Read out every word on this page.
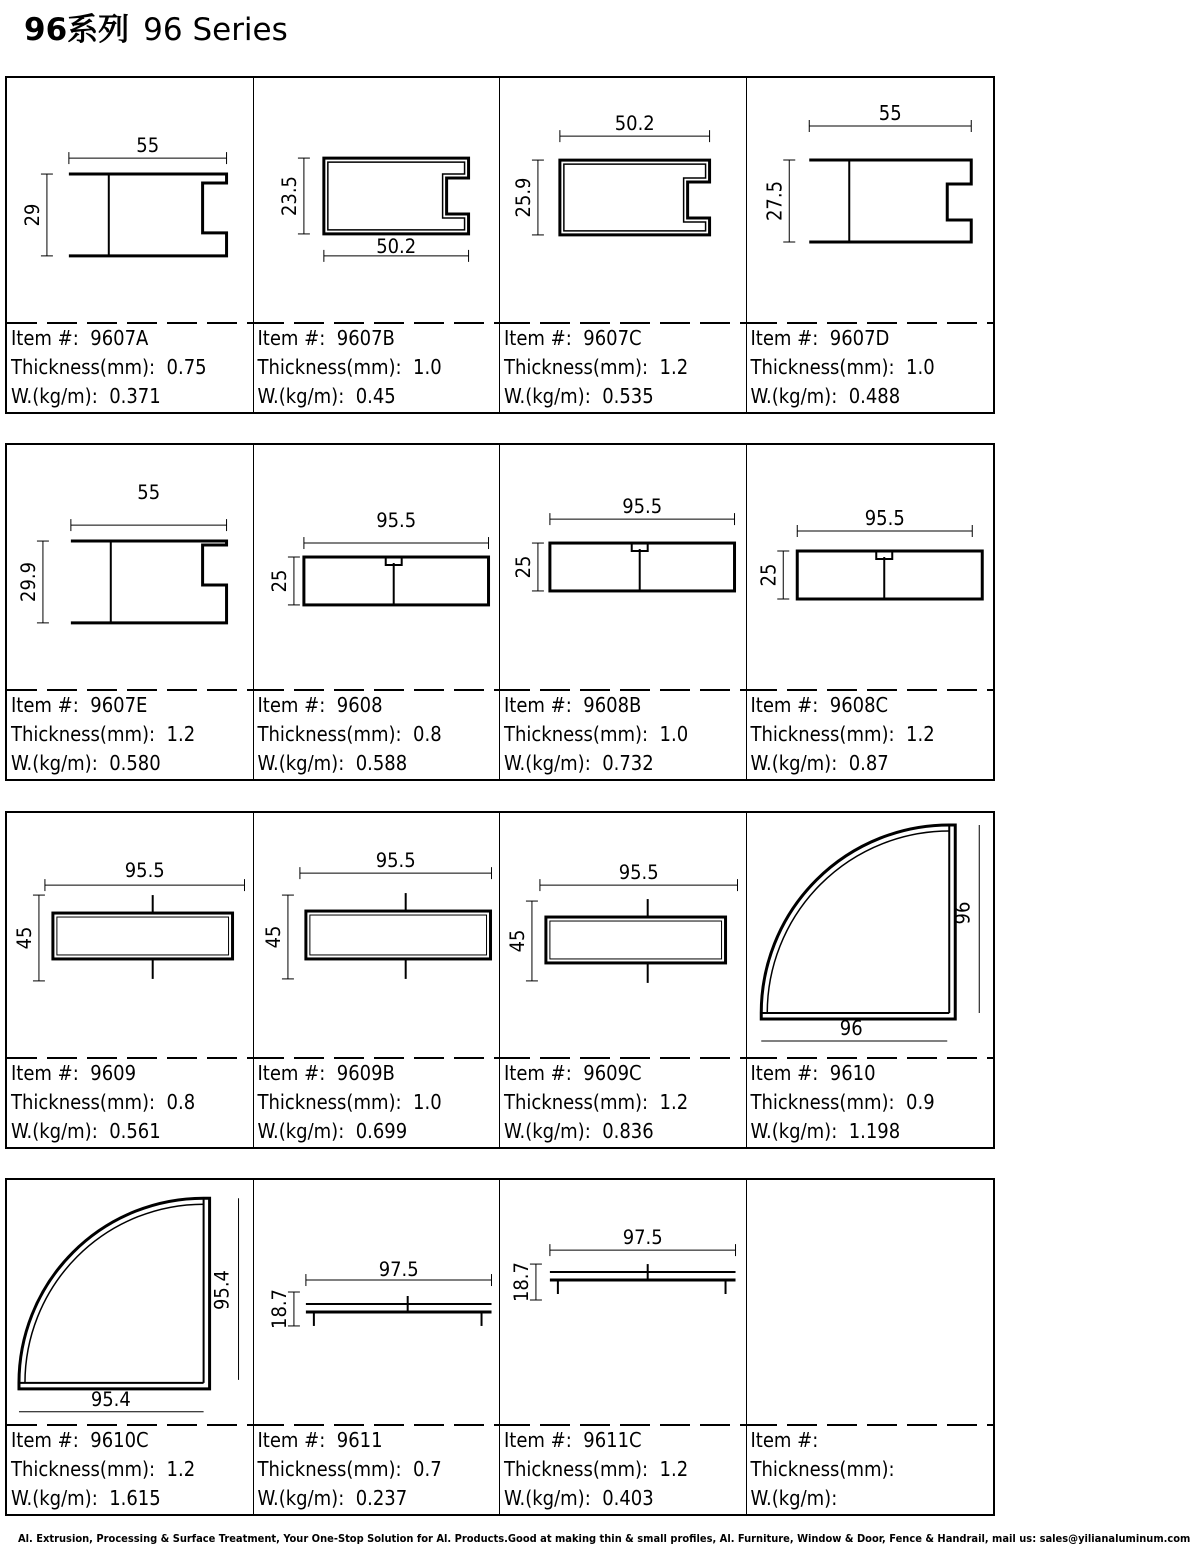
96系列 96 Series
55
29
Item #: 9607A
Thickness(mm): 0.75
W.(kg/m): 0.371
50.2
23.5
Item #: 9607B
Thickness(mm): 1.0
W.(kg/m): 0.45
50.2
25.9
Item #: 9607C
Thickness(mm): 1.2
W.(kg/m): 0.535
55
27.5
Item #: 9607D
Thickness(mm): 1.0
W.(kg/m): 0.488
55
29.9
Item #: 9607E
Thickness(mm): 1.2
W.(kg/m): 0.580
95.5
25
Item #: 9608
Thickness(mm): 0.8
W.(kg/m): 0.588
95.5
25
Item #: 9608B
Thickness(mm): 1.0
W.(kg/m): 0.732
95.5
25
Item #: 9608C
Thickness(mm): 1.2
W.(kg/m): 0.87
95.5
45
Item #: 9609
Thickness(mm): 0.8
W.(kg/m): 0.561
95.5
45
Item #: 9609B
Thickness(mm): 1.0
W.(kg/m): 0.699
95.5
45
Item #: 9609C
Thickness(mm): 1.2
W.(kg/m): 0.836
96
96
Item #: 9610
Thickness(mm): 0.9
W.(kg/m): 1.198
95.4
95.4
Item #: 9610C
Thickness(mm): 1.2
W.(kg/m): 1.615
97.5
18.7
Item #: 9611
Thickness(mm): 0.7
W.(kg/m): 0.237
97.5
18.7
Item #: 9611C
Thickness(mm): 1.2
W.(kg/m): 0.403
Item #:
Thickness(mm):
W.(kg/m):
Al. Extrusion, Processing & Surface Treatment, Your One-Stop Solution for Al. Products.Good at making thin & small profiles, Al. Furniture, Window & Door, Fence & Handrail, mail us: sales@yilianaluminum.com
